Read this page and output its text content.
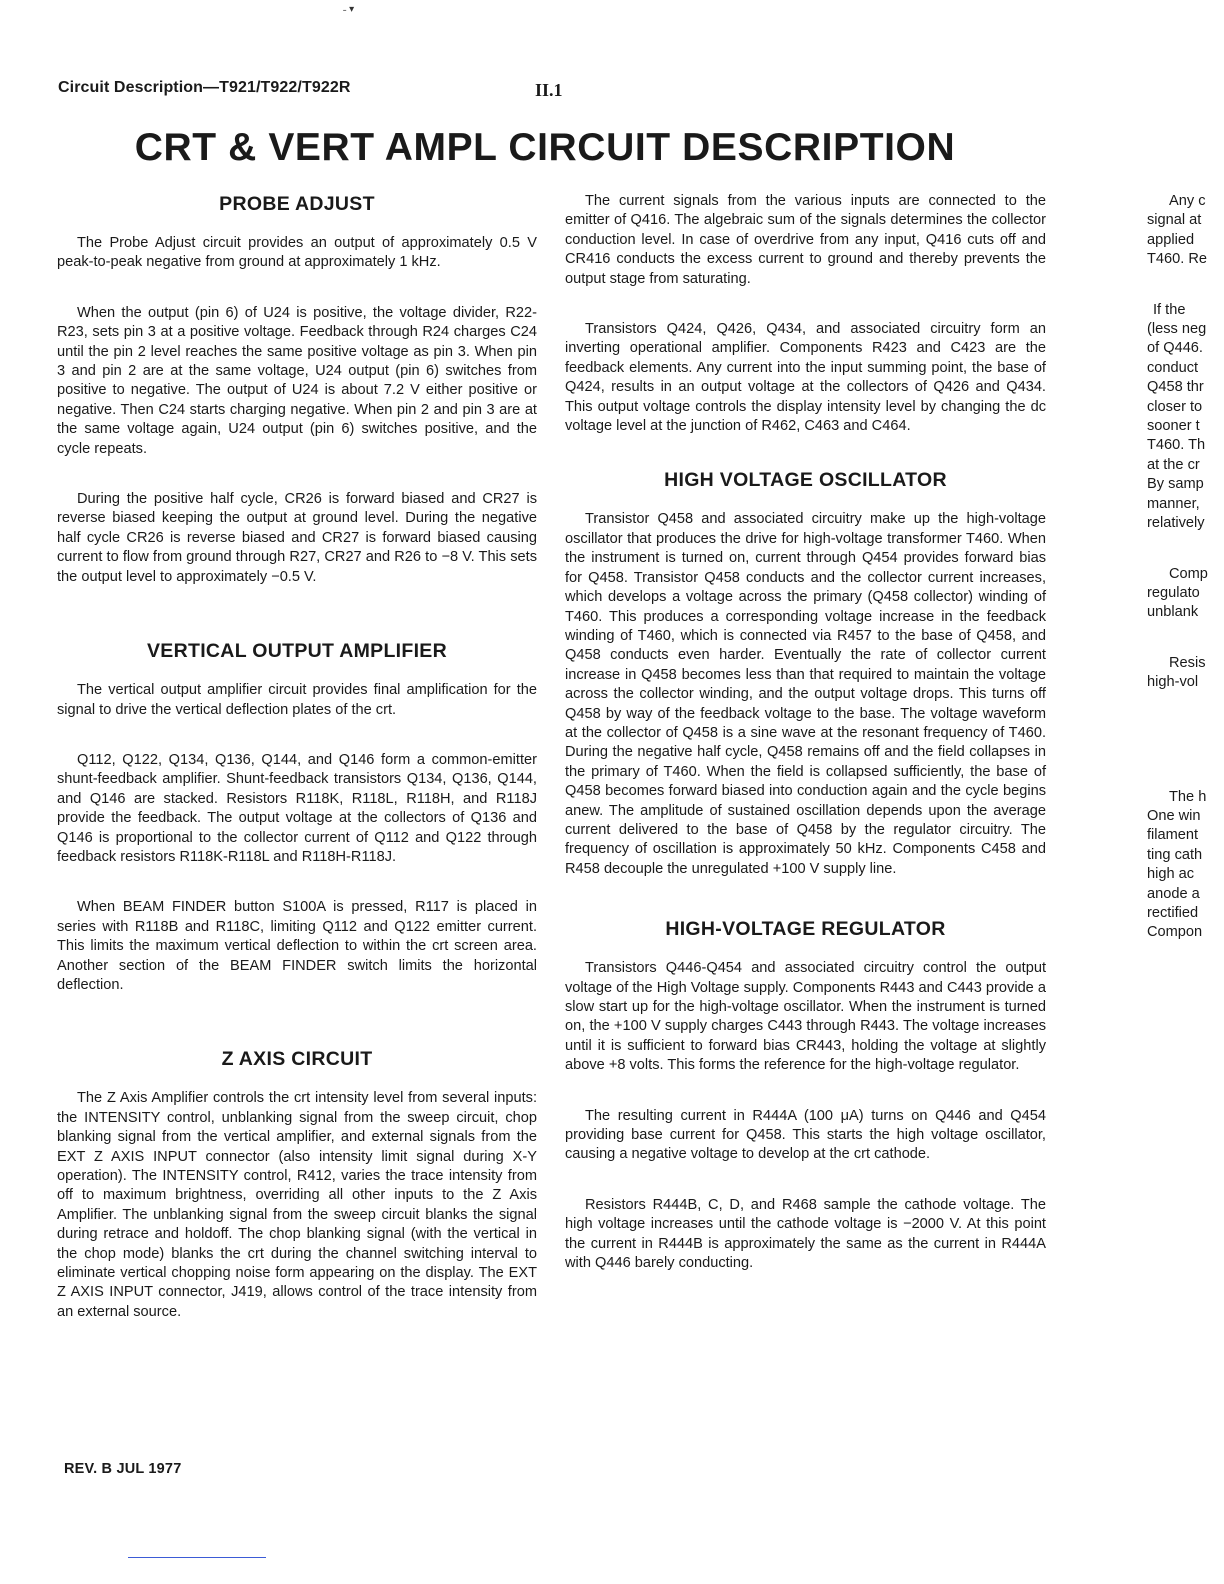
˗ ▾
Circuit Description—T921/T922/T922R	II.1
CRT & VERT AMPL CIRCUIT DESCRIPTION
PROBE ADJUST

The Probe Adjust circuit provides an output of approximately 0.5 V peak-to-peak negative from ground at approximately 1 kHz.

When the output (pin 6) of U24 is positive, the voltage divider, R22-R23, sets pin 3 at a positive voltage. Feedback through R24 charges C24 until the pin 2 level reaches the same positive voltage as pin 3. When pin 3 and pin 2 are at the same voltage, U24 output (pin 6) switches from positive to negative. The output of U24 is about 7.2 V either positive or negative. Then C24 starts charging negative. When pin 2 and pin 3 are at the same voltage again, U24 output (pin 6) switches positive, and the cycle repeats.

During the positive half cycle, CR26 is forward biased and CR27 is reverse biased keeping the output at ground level. During the negative half cycle CR26 is reverse biased and CR27 is forward biased causing current to flow from ground through R27, CR27 and R26 to −8 V. This sets the output level to approximately −0.5 V.

VERTICAL OUTPUT AMPLIFIER

The vertical output amplifier circuit provides final amplification for the signal to drive the vertical deflection plates of the crt.

Q112, Q122, Q134, Q136, Q144, and Q146 form a common-emitter shunt-feedback amplifier. Shunt-feedback transistors Q134, Q136, Q144, and Q146 are stacked. Resistors R118K, R118L, R118H, and R118J provide the feedback. The output voltage at the collectors of Q136 and Q146 is proportional to the collector current of Q112 and Q122 through feedback resistors R118K-R118L and R118H-R118J.

When BEAM FINDER button S100A is pressed, R117 is placed in series with R118B and R118C, limiting Q112 and Q122 emitter current. This limits the maximum vertical deflection to within the crt screen area. Another section of the BEAM FINDER switch limits the horizontal deflection.

Z AXIS CIRCUIT

The Z Axis Amplifier controls the crt intensity level from several inputs: the INTENSITY control, unblanking signal from the sweep circuit, chop blanking signal from the vertical amplifier, and external signals from the EXT Z AXIS INPUT connector (also intensity limit signal during X-Y operation). The INTENSITY control, R412, varies the trace intensity from off to maximum brightness, overriding all other inputs to the Z Axis Amplifier. The unblanking signal from the sweep circuit blanks the signal during retrace and holdoff. The chop blanking signal (with the vertical in the chop mode) blanks the crt during the channel switching interval to eliminate vertical chopping noise form appearing on the display. The EXT Z AXIS INPUT connector, J419, allows control of the trace intensity from an external source.

The current signals from the various inputs are connected to the emitter of Q416. The algebraic sum of the signals determines the collector conduction level. In case of overdrive from any input, Q416 cuts off and CR416 conducts the excess current to ground and thereby prevents the output stage from saturating.

Transistors Q424, Q426, Q434, and associated circuitry form an inverting operational amplifier. Components R423 and C423 are the feedback elements. Any current into the input summing point, the base of Q424, results in an output voltage at the collectors of Q426 and Q434. This output voltage controls the display intensity level by changing the dc voltage level at the junction of R462, C463 and C464.

HIGH VOLTAGE OSCILLATOR

Transistor Q458 and associated circuitry make up the high-voltage oscillator that produces the drive for high-voltage transformer T460. When the instrument is turned on, current through Q454 provides forward bias for Q458. Transistor Q458 conducts and the collector current increases, which develops a voltage across the primary (Q458 collector) winding of T460. This produces a corresponding voltage increase in the feedback winding of T460, which is connected via R457 to the base of Q458, and Q458 conducts even harder. Eventually the rate of collector current increase in Q458 becomes less than that required to maintain the voltage across the collector winding, and the output voltage drops. This turns off Q458 by way of the feedback voltage to the base. The voltage waveform at the collector of Q458 is a sine wave at the resonant frequency of T460. During the negative half cycle, Q458 remains off and the field collapses in the primary of T460. When the field is collapsed sufficiently, the base of Q458 becomes forward biased into conduction again and the cycle begins anew. The amplitude of sustained oscillation depends upon the average current delivered to the base of Q458 by the regulator circuitry. The frequency of oscillation is approximately 50 kHz. Components C458 and R458 decouple the unregulated +100 V supply line.

HIGH-VOLTAGE REGULATOR

Transistors Q446-Q454 and associated circuitry control the output voltage of the High Voltage supply. Components R443 and C443 provide a slow start up for the high-voltage oscillator. When the instrument is turned on, the +100 V supply charges C443 through R443. The voltage increases until it is sufficient to forward bias CR443, holding the voltage at slightly above +8 volts. This forms the reference for the high-voltage regulator.

The resulting current in R444A (100 μA) turns on Q446 and Q454 providing base current for Q458. This starts the high voltage oscillator, causing a negative voltage to develop at the crt cathode.

Resistors R444B, C, D, and R468 sample the cathode voltage. The high voltage increases until the cathode voltage is −2000 V. At this point the current in R444B is approximately the same as the current in R444A with Q446 barely conducting.

Any c
signal at
applied
T460. Re
If the
(less neg
of Q446.
conduct
Q458 thr
closer to
sooner t
T460. Th
at the cr
By samp
manner,
relatively
Comp
regulato
unblank
Resis
high-vol
The h
One win
filament
ting cath
high ac
anode a
rectified
Compon
REV. B JUL 1977
